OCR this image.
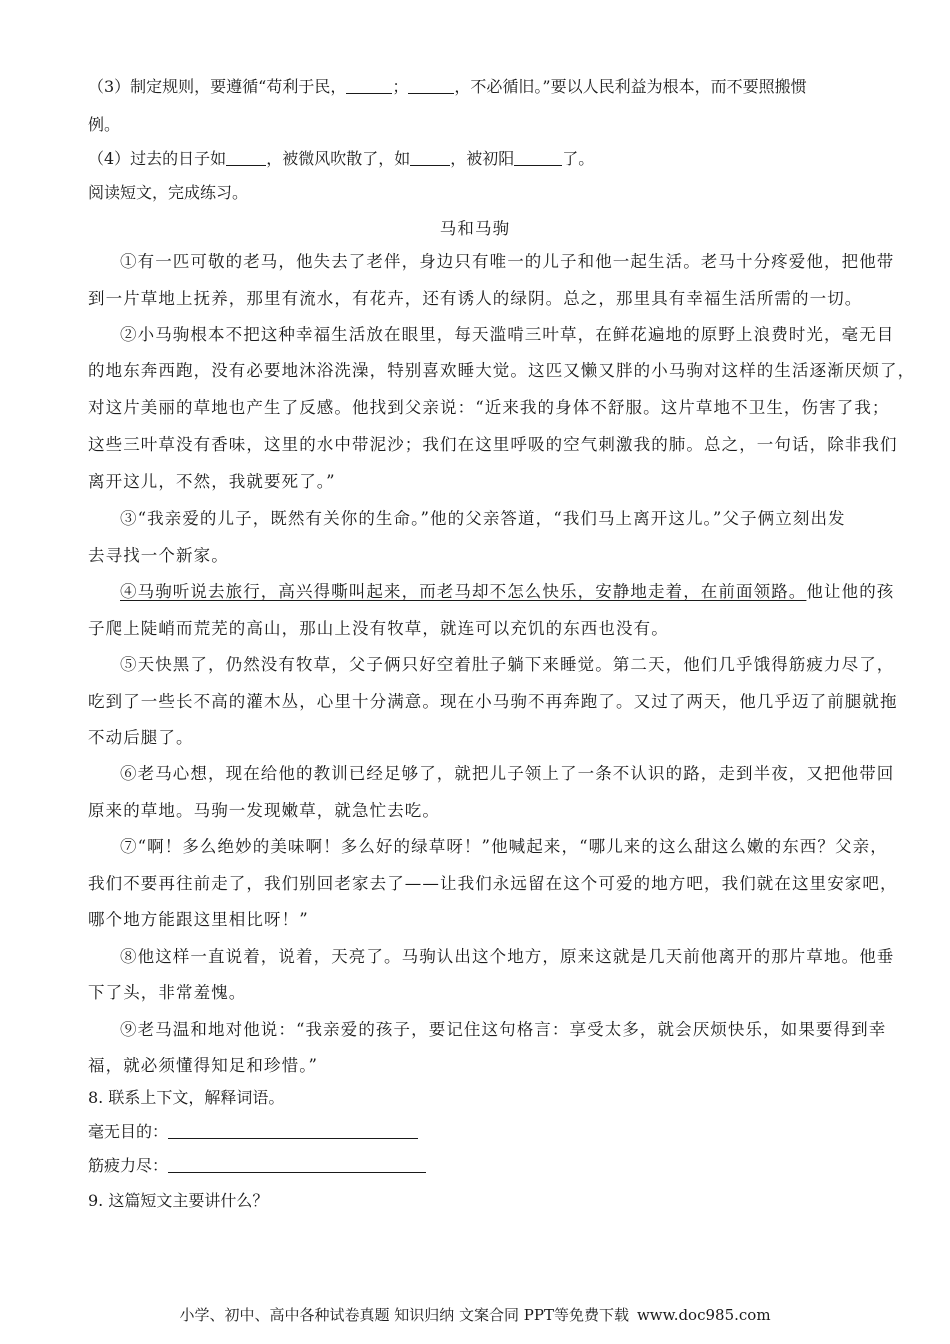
（3）制定规则，要遵循“苟利于民，	；	，不必循旧。”要以人民利益为根本，而不要照搬惯
例。
（4）过去的日子如	，被微风吹散了，如	，被初阳	了。
阅读短文，完成练习。
马和马驹
①有一匹可敬的老马，他失去了老伴，身边只有唯一的儿子和他一起生活。老马十分疼爱他，把他带
到一片草地上抚养，那里有流水，有花卉，还有诱人的绿阴。总之，那里具有幸福生活所需的一切。
②小马驹根本不把这种幸福生活放在眼里，每天滥啃三叶草，在鲜花遍地的原野上浪费时光，毫无目
的地东奔西跑，没有必要地沐浴洗澡，特别喜欢睡大觉。这匹又懒又胖的小马驹对这样的生活逐渐厌烦了，
对这片美丽的草地也产生了反感。他找到父亲说：“近来我的身体不舒服。这片草地不卫生，伤害了我；
这些三叶草没有香味，这里的水中带泥沙；我们在这里呼吸的空气刺激我的肺。总之，一句话，除非我们
离开这儿，不然，我就要死了。”
③“我亲爱的儿子，既然有关你的生命。”他的父亲答道，“我们马上离开这儿。”父子俩立刻出发
去寻找一个新家。
④马驹听说去旅行，高兴得嘶叫起来，而老马却不怎么快乐，安静地走着，在前面领路。他让他的孩
子爬上陡峭而荒芜的高山，那山上没有牧草，就连可以充饥的东西也没有。
⑤天快黑了，仍然没有牧草，父子俩只好空着肚子躺下来睡觉。第二天，他们几乎饿得筋疲力尽了，
吃到了一些长不高的灌木丛，心里十分满意。现在小马驹不再奔跑了。又过了两天，他几乎迈了前腿就拖
不动后腿了。
⑥老马心想，现在给他的教训已经足够了，就把儿子领上了一条不认识的路，走到半夜，又把他带回
原来的草地。马驹一发现嫩草，就急忙去吃。
⑦“啊！多么绝妙的美味啊！多么好的绿草呀！”他喊起来，“哪儿来的这么甜这么嫩的东西？父亲，
我们不要再往前走了，我们别回老家去了——让我们永远留在这个可爱的地方吧，我们就在这里安家吧，
哪个地方能跟这里相比呀！”
⑧他这样一直说着，说着，天亮了。马驹认出这个地方，原来这就是几天前他离开的那片草地。他垂
下了头，非常羞愧。
⑨老马温和地对他说：“我亲爱的孩子，要记住这句格言：享受太多，就会厌烦快乐，如果要得到幸
福，就必须懂得知足和珍惜。”
8. 联系上下文，解释词语。
毫无目的：
筋疲力尽：
9. 这篇短文主要讲什么？
小学、初中、高中各种试卷真题 知识归纳 文案合同 PPT等免费下载 www.doc985.com
